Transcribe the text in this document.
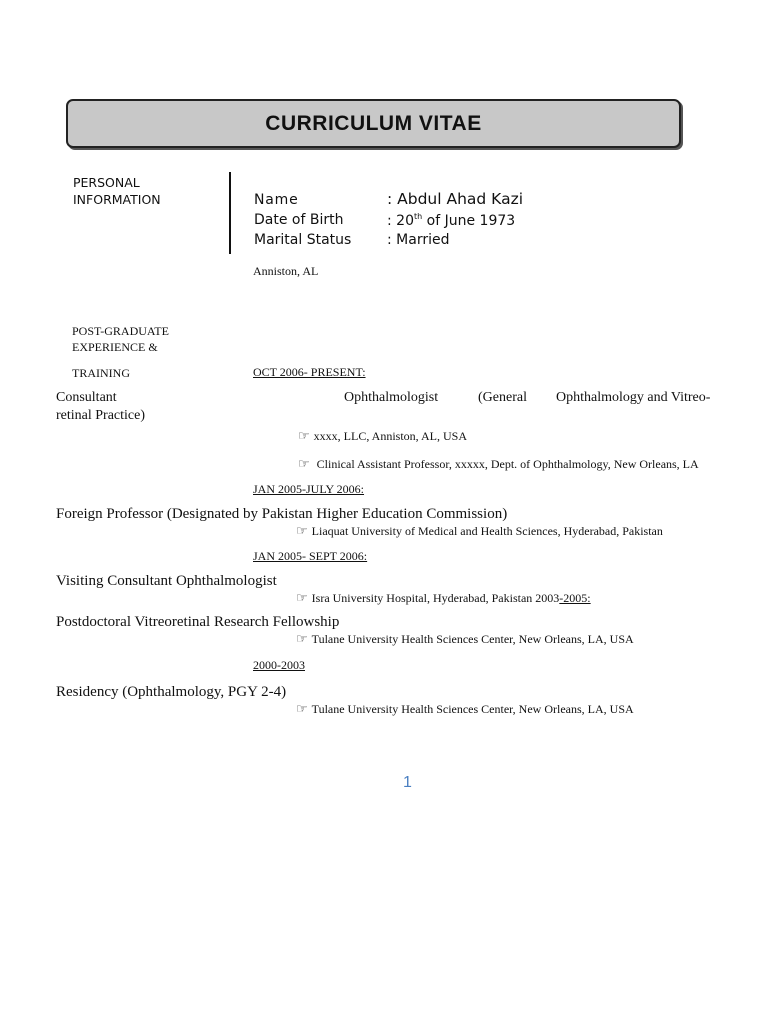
CURRICULUM VITAE
PERSONAL
INFORMATION	Name	: Abdul Ahad Kazi
Date of Birth	: 20th of June 1973
Marital Status	: Married
Anniston, AL
POST-GRADUATE
EXPERIENCE &
TRAINING	OCT 2006- PRESENT:
Consultant	Ophthalmologist	(General Ophthalmology and Vitreo-
retinal Practice)
☞ xxxx, LLC, Anniston, AL, USA
☞ Clinical Assistant Professor, xxxxx, Dept. of Ophthalmology, New Orleans, LA
JAN 2005-JULY 2006:
Foreign Professor (Designated by Pakistan Higher Education Commission)
☞ Liaquat University of Medical and Health Sciences, Hyderabad, Pakistan
JAN 2005- SEPT 2006:
Visiting Consultant Ophthalmologist
☞ Isra University Hospital, Hyderabad, Pakistan 2003-2005:
Postdoctoral Vitreoretinal Research Fellowship
☞ Tulane University Health Sciences Center, New Orleans, LA, USA
2000-2003
Residency (Ophthalmology, PGY 2-4)
☞ Tulane University Health Sciences Center, New Orleans, LA, USA
1
